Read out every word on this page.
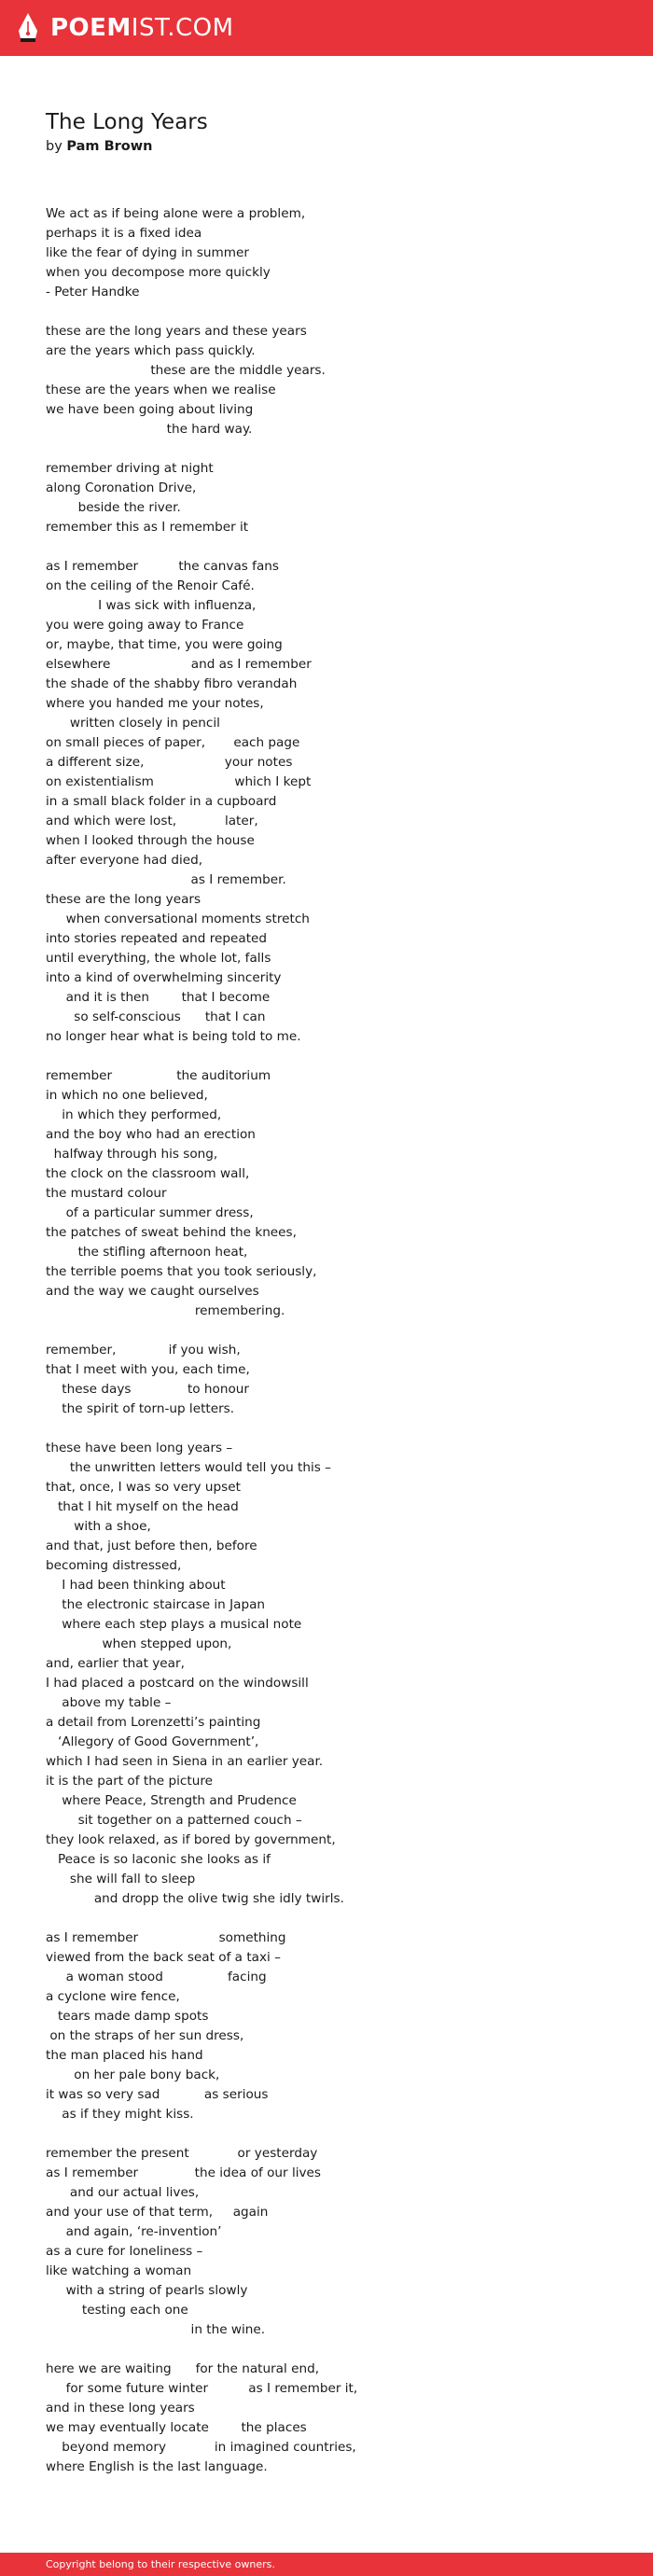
POEMIST.COM
The Long Years
by Pam Brown
We act as if being alone were a problem,
perhaps it is a fixed idea
like the fear of dying in summer
when you decompose more quickly
- Peter Handke
these are the long years and these years
are the years which pass quickly.
these are the middle years.
these are the years when we realise
we have been going about living
the hard way.
remember driving at night
along Coronation Drive,
beside the river.
remember this as I remember it
as I remember          the canvas fans
on the ceiling of the Renoir Café.
I was sick with influenza,
you were going away to France
or, maybe, that time, you were going
elsewhere                    and as I remember
the shade of the shabby fibro verandah
where you handed me your notes,
written closely in pencil
on small pieces of paper,       each page
a different size,                    your notes
on existentialism                    which I kept
in a small black folder in a cupboard
and which were lost,            later,
when I looked through the house
after everyone had died,
as I remember.
these are the long years
when conversational moments stretch
into stories repeated and repeated
until everything, the whole lot, falls
into a kind of overwhelming sincerity
and it is then        that I become
so self-conscious      that I can
no longer hear what is being told to me.
remember                the auditorium
in which no one believed,
in which they performed,
and the boy who had an erection
halfway through his song,
the clock on the classroom wall,
the mustard colour
of a particular summer dress,
the patches of sweat behind the knees,
the stifling afternoon heat,
the terrible poems that you took seriously,
and the way we caught ourselves
remembering.
remember,             if you wish,
that I meet with you, each time,
these days              to honour
the spirit of torn-up letters.
these have been long years –
the unwritten letters would tell you this –
that, once, I was so very upset
that I hit myself on the head
with a shoe,
and that, just before then, before
becoming distressed,
I had been thinking about
the electronic staircase in Japan
where each step plays a musical note
when stepped upon,
and, earlier that year,
I had placed a postcard on the windowsill
above my table –
a detail from Lorenzetti’s painting
‘Allegory of Good Government’,
which I had seen in Siena in an earlier year.
it is the part of the picture
where Peace, Strength and Prudence
sit together on a patterned couch –
they look relaxed, as if bored by government,
Peace is so laconic she looks as if
she will fall to sleep
and dropp the olive twig she idly twirls.
as I remember                    something
viewed from the back seat of a taxi –
a woman stood                facing
a cyclone wire fence,
tears made damp spots
on the straps of her sun dress,
the man placed his hand
on her pale bony back,
it was so very sad           as serious
as if they might kiss.
remember the present            or yesterday
as I remember              the idea of our lives
and our actual lives,
and your use of that term,     again
and again, ‘re-invention’
as a cure for loneliness –
like watching a woman
with a string of pearls slowly
testing each one
in the wine.
here we are waiting      for the natural end,
for some future winter          as I remember it,
and in these long years
we may eventually locate        the places
beyond memory            in imagined countries,
where English is the last language.
Copyright belong to their respective owners.
